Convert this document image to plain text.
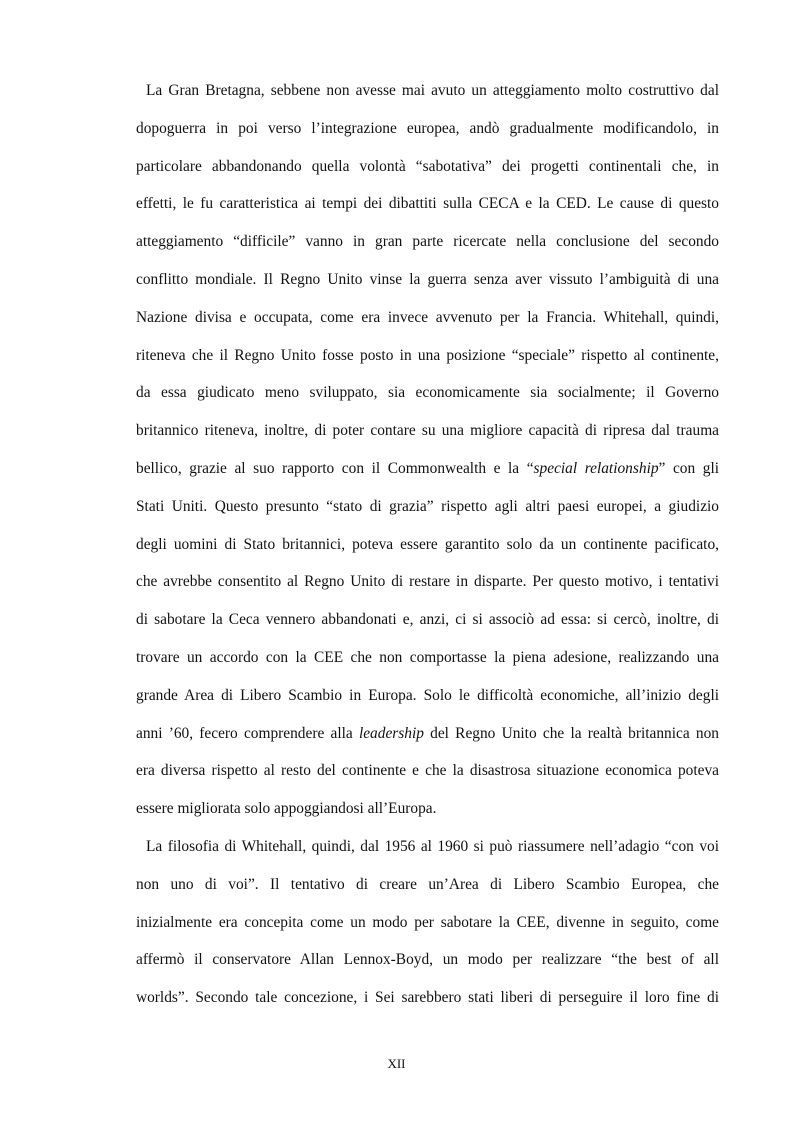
La Gran Bretagna, sebbene non avesse mai avuto un atteggiamento molto costruttivo dal
dopoguerra in poi verso l’integrazione europea, andò gradualmente modificandolo, in
particolare abbandonando quella volontà “sabotativa” dei progetti continentali che, in
effetti, le fu caratteristica ai tempi dei dibattiti sulla CECA e la CED. Le cause di questo
atteggiamento “difficile” vanno in gran parte ricercate nella conclusione del secondo
conflitto mondiale. Il Regno Unito vinse la guerra senza aver vissuto l’ambiguità di una
Nazione divisa e occupata, come era invece avvenuto per la Francia. Whitehall, quindi,
riteneva che il Regno Unito fosse posto in una posizione “speciale” rispetto al continente,
da essa giudicato meno sviluppato, sia economicamente sia socialmente; il Governo
britannico riteneva, inoltre, di poter contare su una migliore capacità di ripresa dal trauma
bellico, grazie al suo rapporto con il Commonwealth e la “special relationship” con gli
Stati Uniti. Questo presunto “stato di grazia” rispetto agli altri paesi europei, a giudizio
degli uomini di Stato britannici, poteva essere garantito solo da un continente pacificato,
che avrebbe consentito al Regno Unito di restare in disparte. Per questo motivo, i tentativi
di sabotare la Ceca vennero abbandonati e, anzi, ci si associò ad essa: si cercò, inoltre, di
trovare un accordo con la CEE che non comportasse la piena adesione, realizzando una
grande Area di Libero Scambio in Europa. Solo le difficoltà economiche, all’inizio degli
anni ’60, fecero comprendere alla leadership del Regno Unito che la realtà britannica non
era diversa rispetto al resto del continente e che la disastrosa situazione economica poteva
essere migliorata solo appoggiandosi all’Europa.

La filosofia di Whitehall, quindi, dal 1956 al 1960 si può riassumere nell’adagio “con voi
non uno di voi”. Il tentativo di creare un’Area di Libero Scambio Europea, che
inizialmente era concepita come un modo per sabotare la CEE, divenne in seguito, come
affermò il conservatore Allan Lennox-Boyd, un modo per realizzare “the best of all
worlds”. Secondo tale concezione, i Sei sarebbero stati liberi di perseguire il loro fine di

XII
